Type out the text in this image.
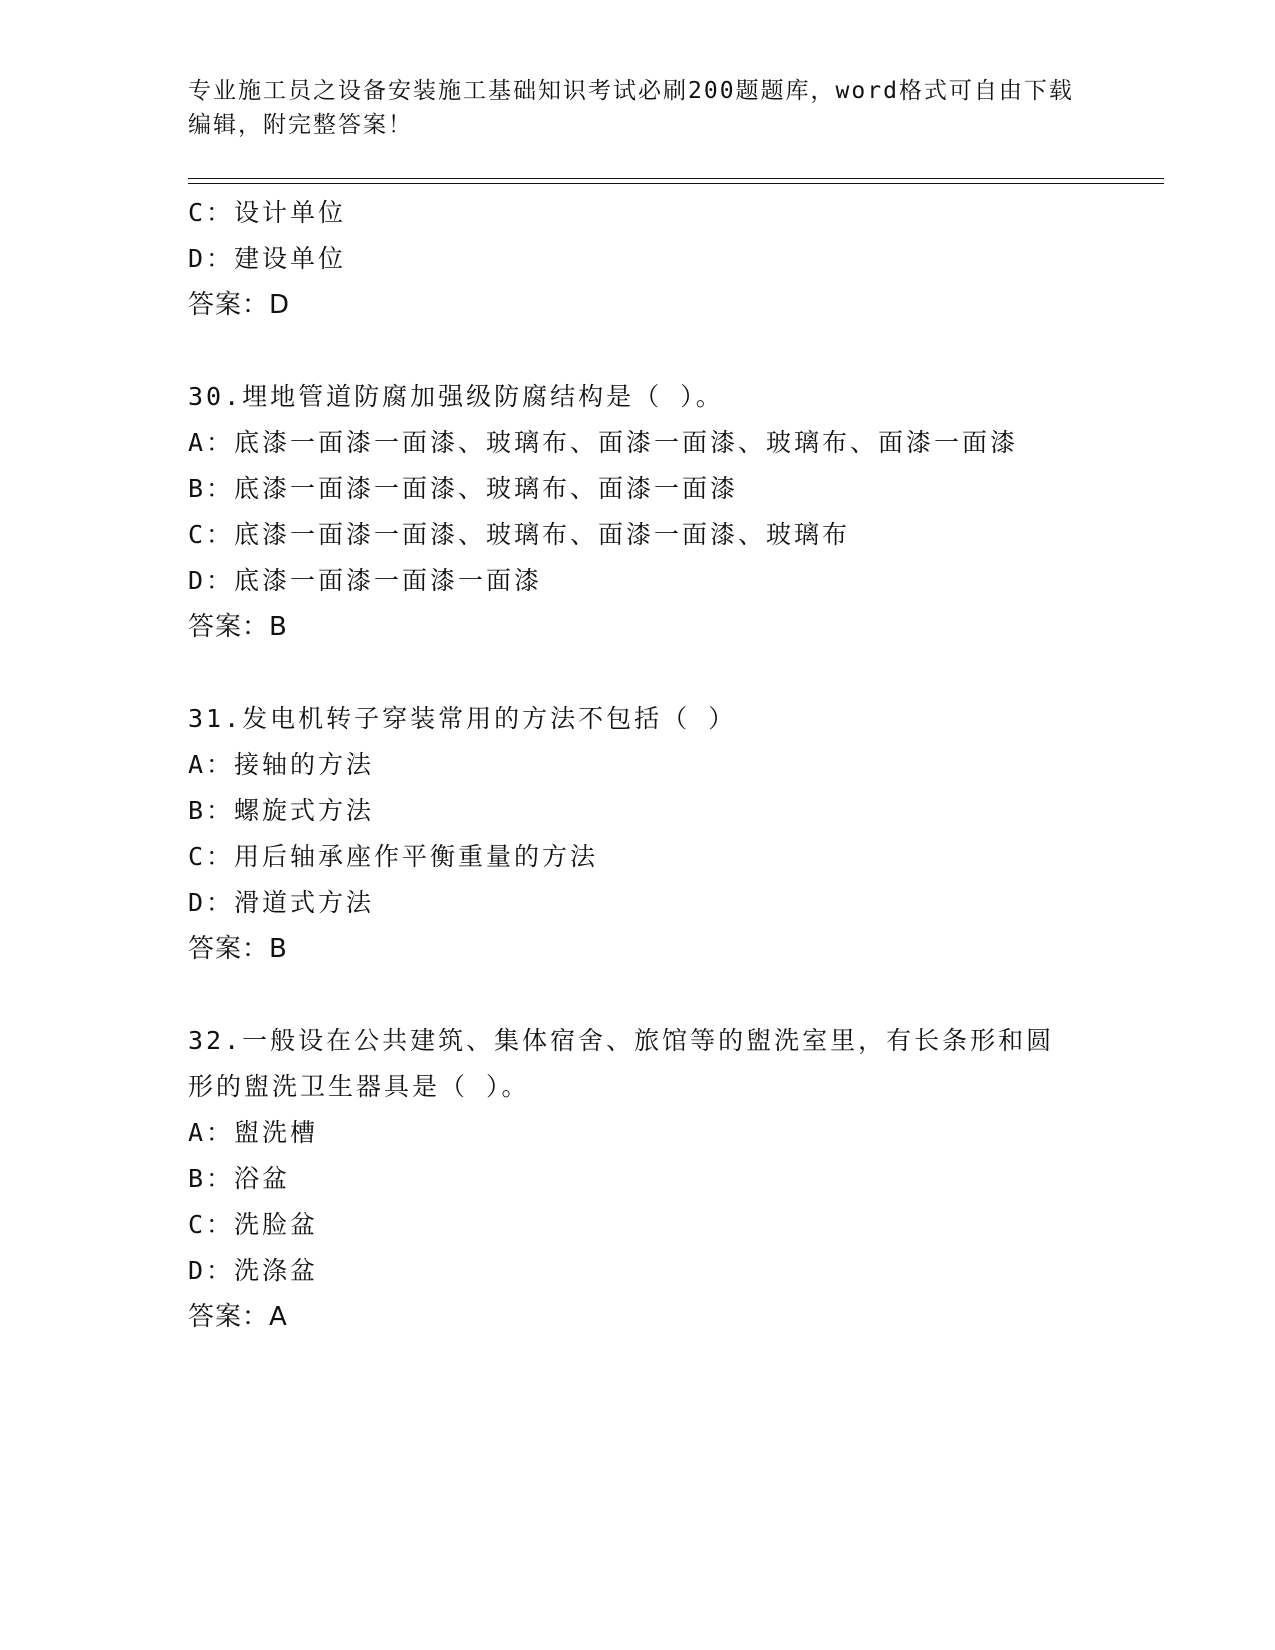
专业施工员之设备安装施工基础知识考试必刷200题题库，word格式可自由下载
编辑，附完整答案！
C：设计单位
D：建设单位
答案：D
30.埋地管道防腐加强级防腐结构是（ ）。
A：底漆一面漆一面漆、玻璃布、面漆一面漆、玻璃布、面漆一面漆
B：底漆一面漆一面漆、玻璃布、面漆一面漆
C：底漆一面漆一面漆、玻璃布、面漆一面漆、玻璃布
D：底漆一面漆一面漆一面漆
答案：B
31.发电机转子穿装常用的方法不包括（ ）
A：接轴的方法
B：螺旋式方法
C：用后轴承座作平衡重量的方法
D：滑道式方法
答案：B
32.一般设在公共建筑、集体宿舍、旅馆等的盥洗室里，有长条形和圆
形的盥洗卫生器具是（ ）。
A：盥洗槽
B：浴盆
C：洗脸盆
D：洗涤盆
答案：A
